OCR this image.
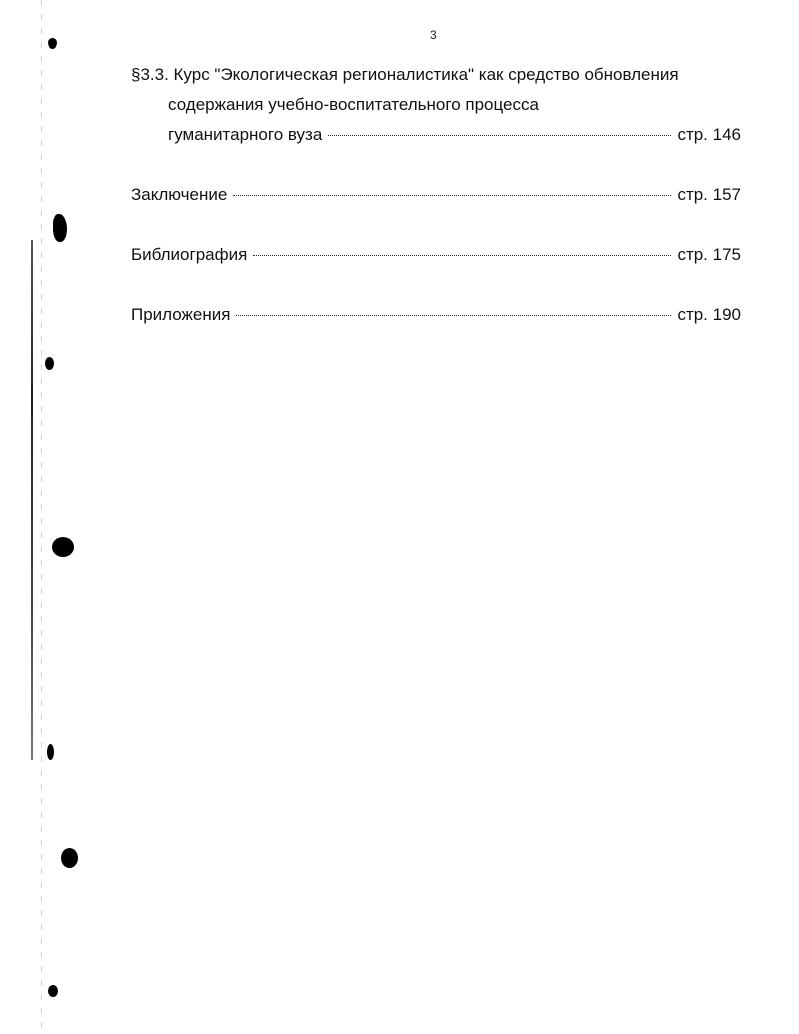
3
§3.3. Курс "Экологическая регионалистика" как средство обновления
содержания учебно-воспитательного процесса
гуманитарного вуза	стр. 146
Заключение	стр. 157
Библиография	стр. 175
Приложения	стр. 190
